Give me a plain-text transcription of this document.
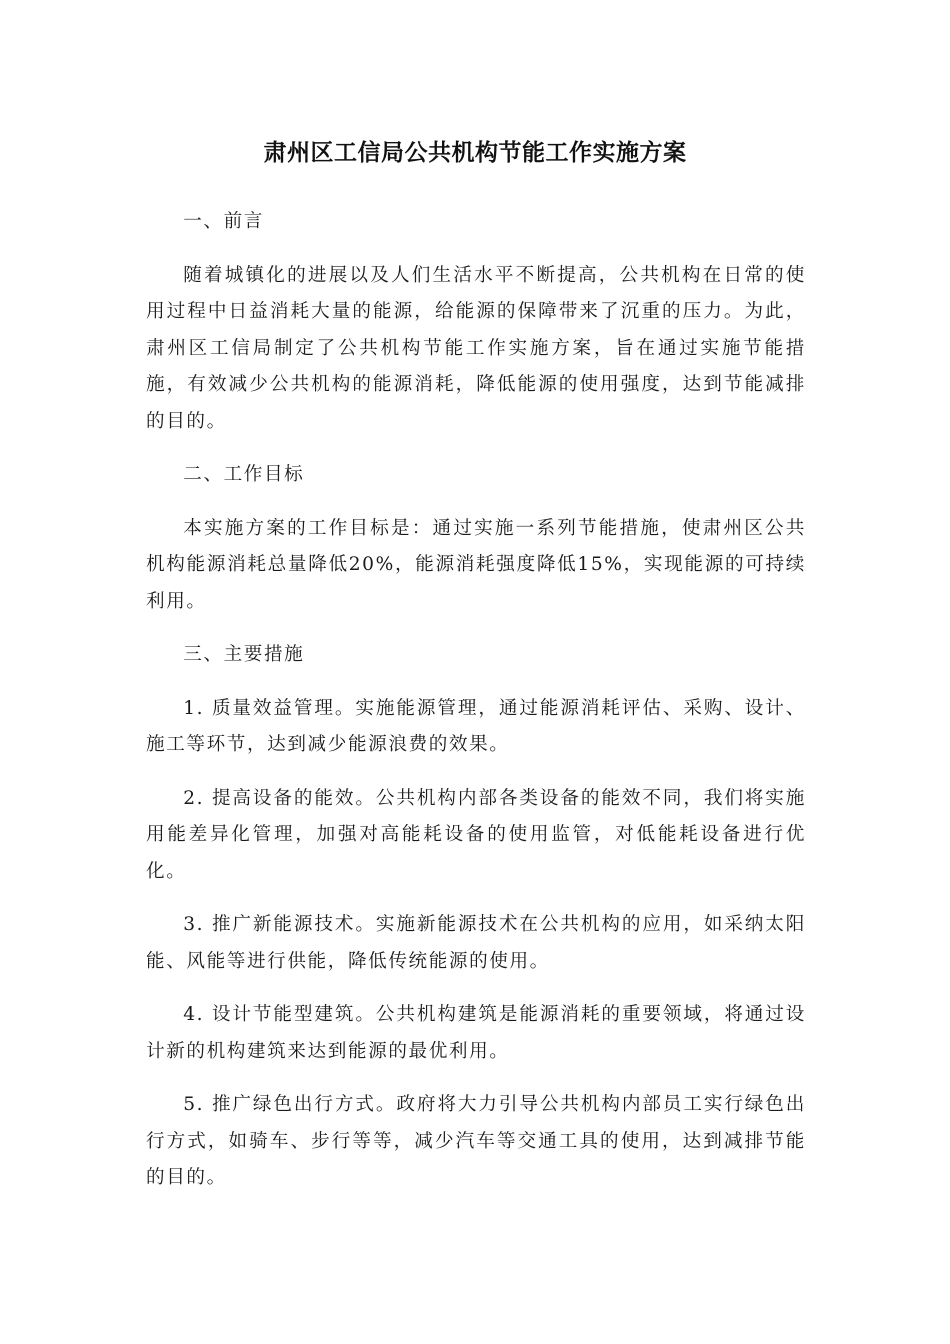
肃州区工信局公共机构节能工作实施方案

一、前言

随着城镇化的进展以及人们生活水平不断提高，公共机构在日常的使用过程中日益消耗大量的能源，给能源的保障带来了沉重的压力。为此，肃州区工信局制定了公共机构节能工作实施方案，旨在通过实施节能措施，有效减少公共机构的能源消耗，降低能源的使用强度，达到节能减排的目的。

二、工作目标

本实施方案的工作目标是：通过实施一系列节能措施，使肃州区公共机构能源消耗总量降低20%，能源消耗强度降低15%，实现能源的可持续利用。

三、主要措施

1. 质量效益管理。实施能源管理，通过能源消耗评估、采购、设计、施工等环节，达到减少能源浪费的效果。

2. 提高设备的能效。公共机构内部各类设备的能效不同，我们将实施用能差异化管理，加强对高能耗设备的使用监管，对低能耗设备进行优化。

3. 推广新能源技术。实施新能源技术在公共机构的应用，如采纳太阳能、风能等进行供能，降低传统能源的使用。

4. 设计节能型建筑。公共机构建筑是能源消耗的重要领域，将通过设计新的机构建筑来达到能源的最优利用。

5. 推广绿色出行方式。政府将大力引导公共机构内部员工实行绿色出行方式，如骑车、步行等等，减少汽车等交通工具的使用，达到减排节能的目的。
